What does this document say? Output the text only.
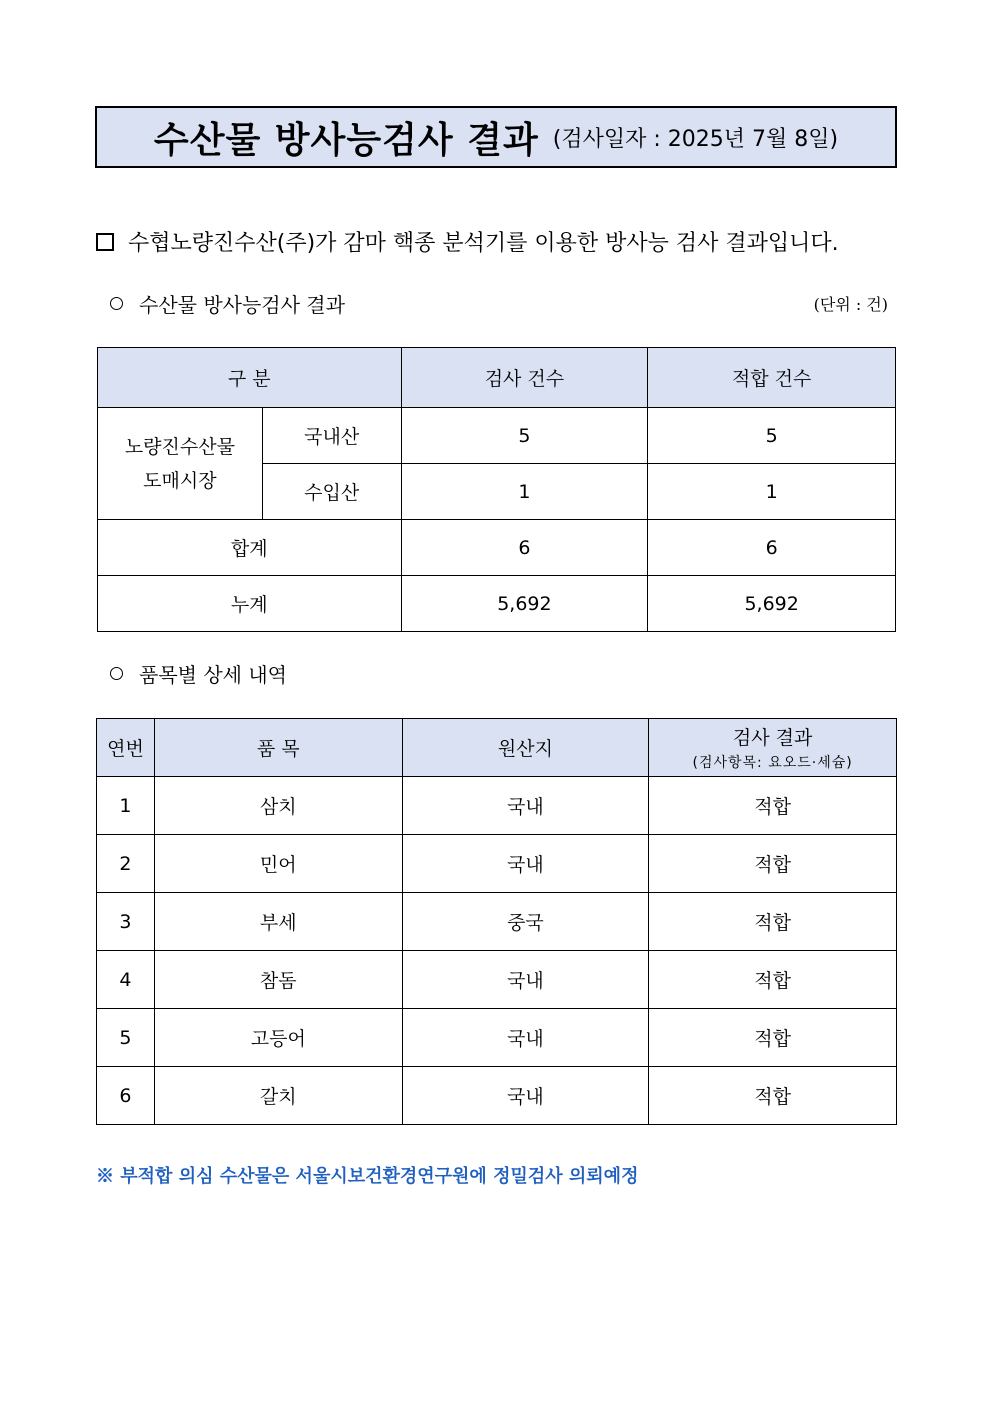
수산물 방사능검사 결과 (검사일자 : 2025년 7월 8일)
수협노량진수산(주)가 감마 핵종 분석기를 이용한 방사능 검사 결과입니다.
수산물 방사능검사 결과	(단위 : 건)
구 분		검사 건수	적합 건수
노량진수산물
도매시장	국내산	5	5
	수입산	1	1
합계		6	6
누계		5,692	5,692
품목별 상세 내역
연번	품 목	원산지	검사 결과
(검사항목: 요오드·세슘)

1	삼치	국내	적합
2	민어	국내	적합
3	부세	중국	적합
4	참돔	국내	적합
5	고등어	국내	적합
6	갈치	국내	적합
※ 부적합 의심 수산물은 서울시보건환경연구원에 정밀검사 의뢰예정
